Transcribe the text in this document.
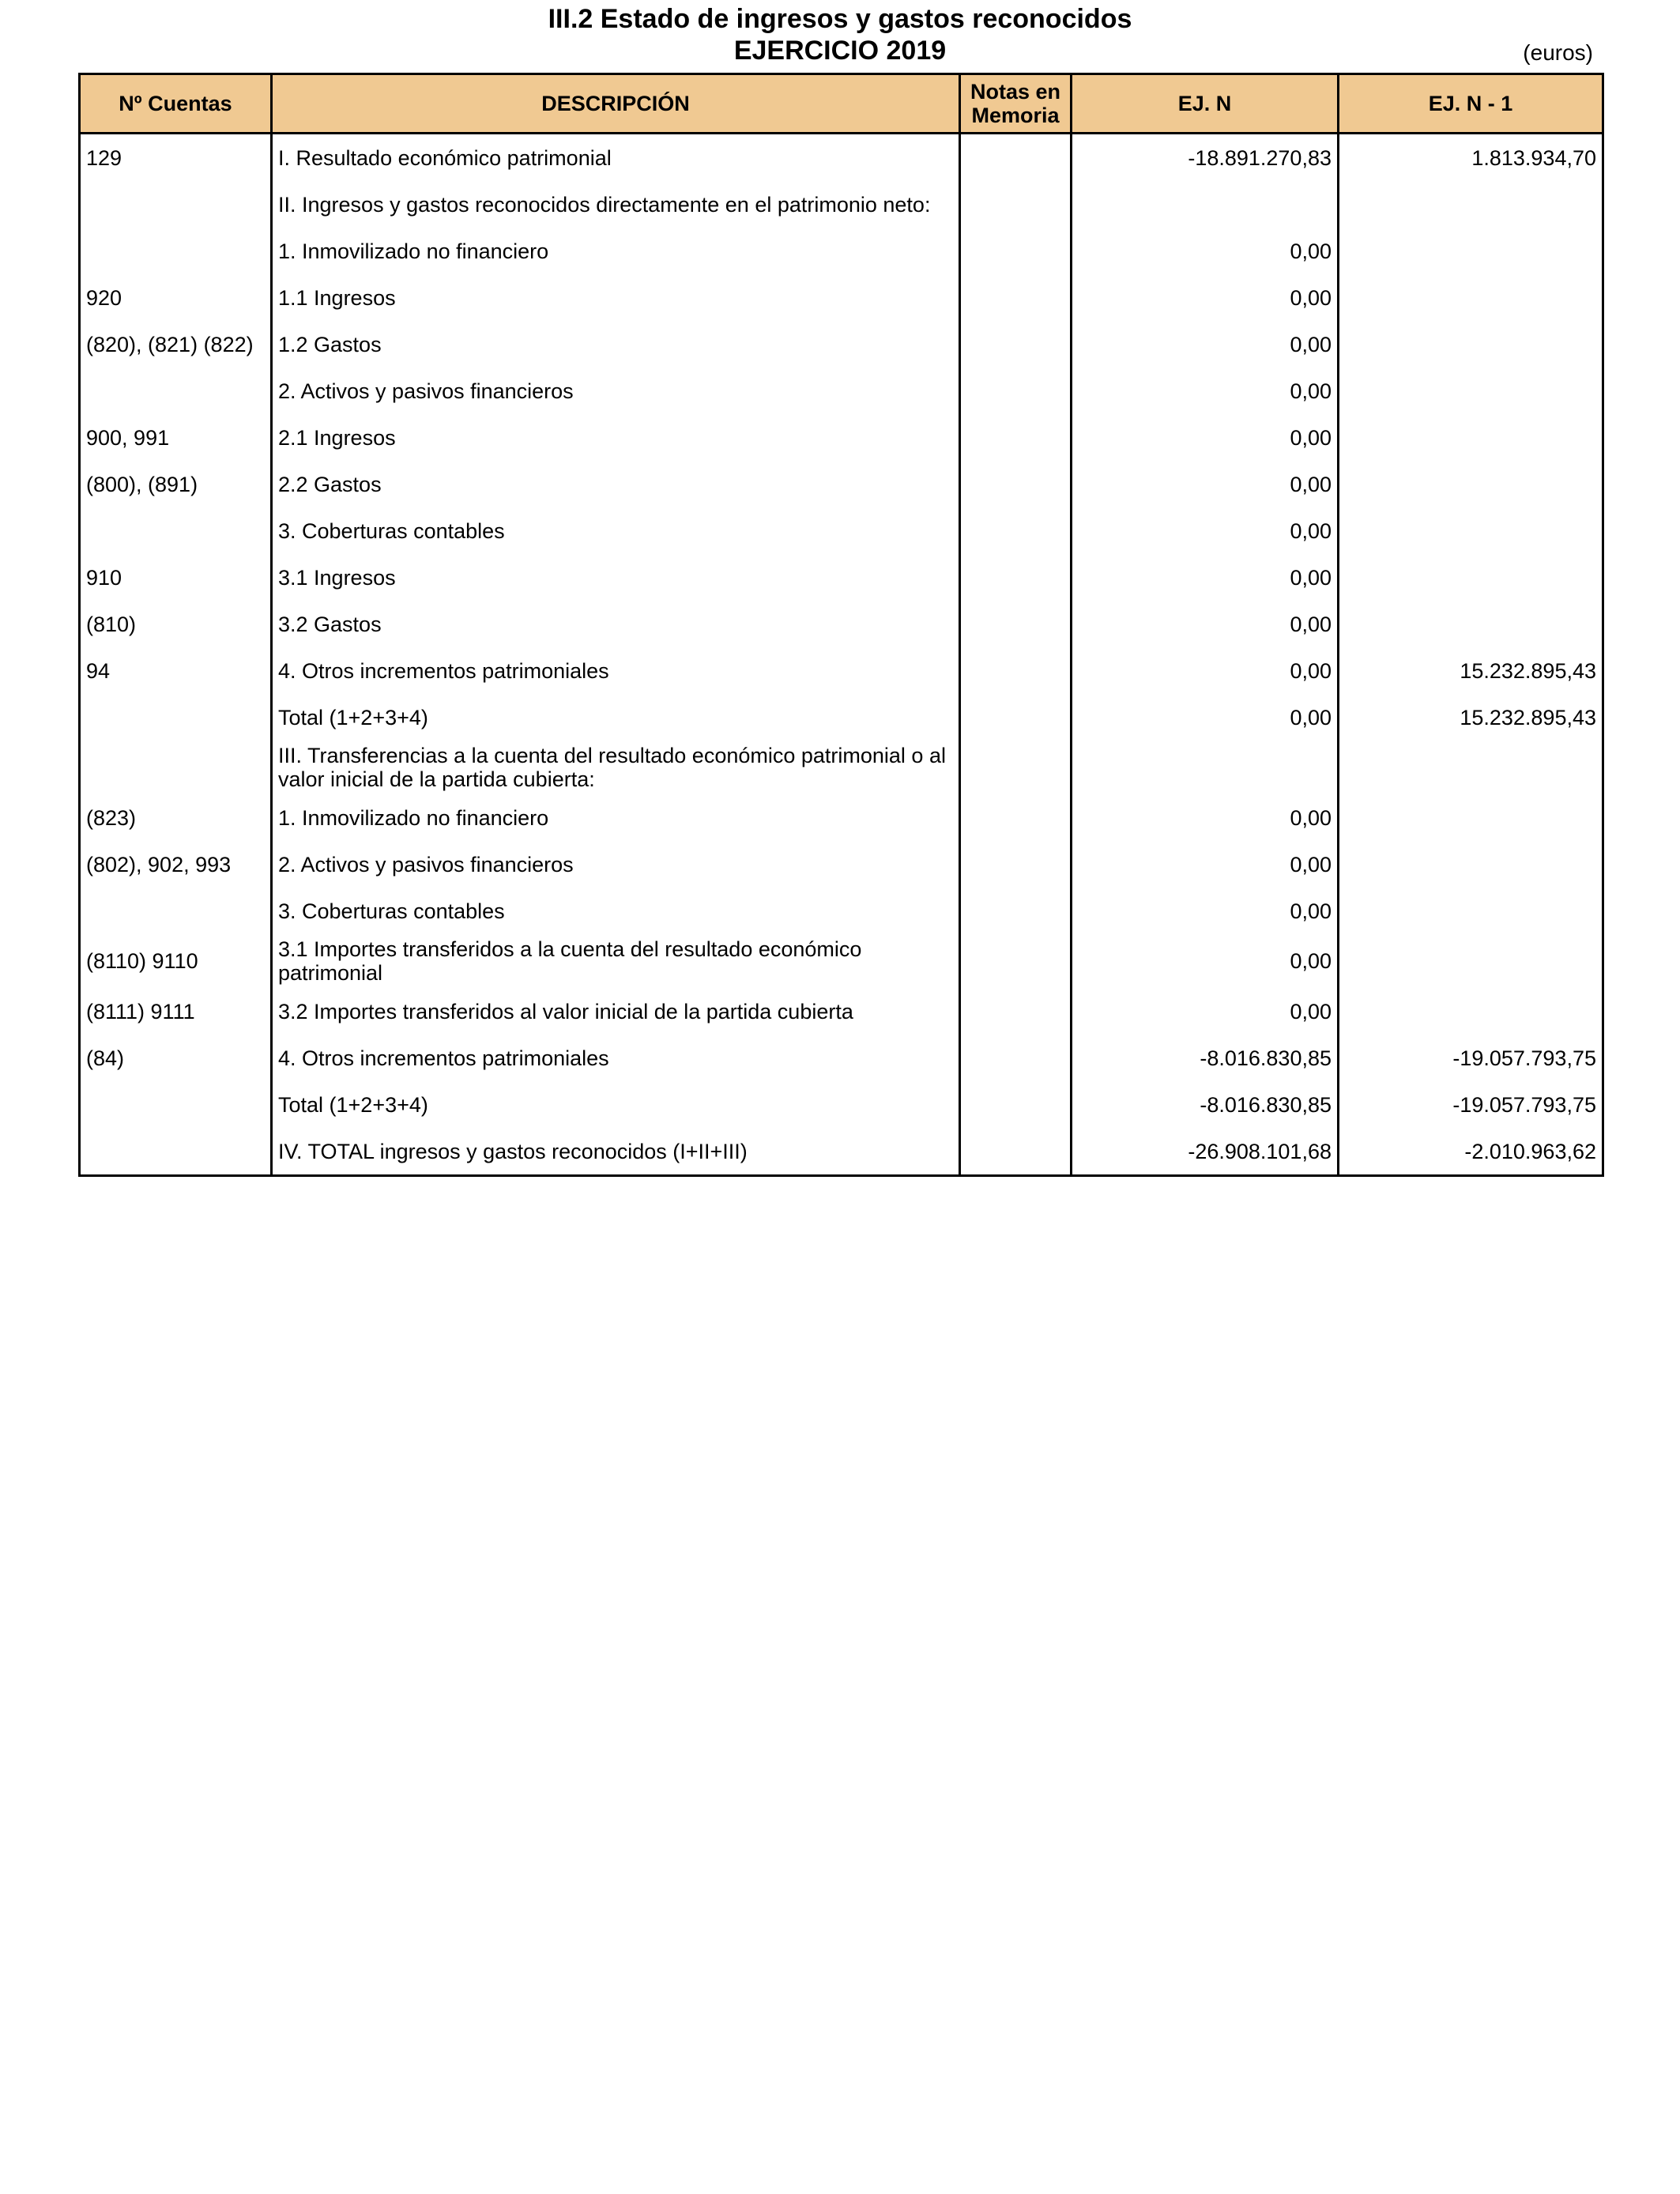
III.2 Estado de ingresos y gastos reconocidos
EJERCICIO 2019	(euros)
Nº Cuentas	DESCRIPCIÓN	Notas en Memoria	EJ. N	EJ. N - 1
129	I. Resultado económico patrimonial		-18.891.270,83	1.813.934,70
	II. Ingresos y gastos reconocidos directamente en el patrimonio neto:			
	1. Inmovilizado no financiero		0,00	
920	1.1 Ingresos		0,00	
(820), (821) (822)	1.2 Gastos		0,00	
	2. Activos y pasivos financieros		0,00	
900, 991	2.1 Ingresos		0,00	
(800), (891)	2.2 Gastos		0,00	
	3. Coberturas contables		0,00	
910	3.1 Ingresos		0,00	
(810)	3.2 Gastos		0,00	
94	4. Otros incrementos patrimoniales		0,00	15.232.895,43
	Total (1+2+3+4)		0,00	15.232.895,43
	III. Transferencias a la cuenta del resultado económico patrimonial o al valor inicial de la partida cubierta:			
(823)	1. Inmovilizado no financiero		0,00	
(802), 902, 993	2. Activos y pasivos financieros		0,00	
	3. Coberturas contables		0,00	
(8110) 9110	3.1 Importes transferidos a la cuenta del resultado económico patrimonial		0,00	
(8111) 9111	3.2 Importes transferidos al valor inicial de la partida cubierta		0,00	
(84)	4. Otros incrementos patrimoniales		-8.016.830,85	-19.057.793,75
	Total (1+2+3+4)		-8.016.830,85	-19.057.793,75
	IV. TOTAL ingresos y gastos reconocidos (I+II+III)		-26.908.101,68	-2.010.963,62
